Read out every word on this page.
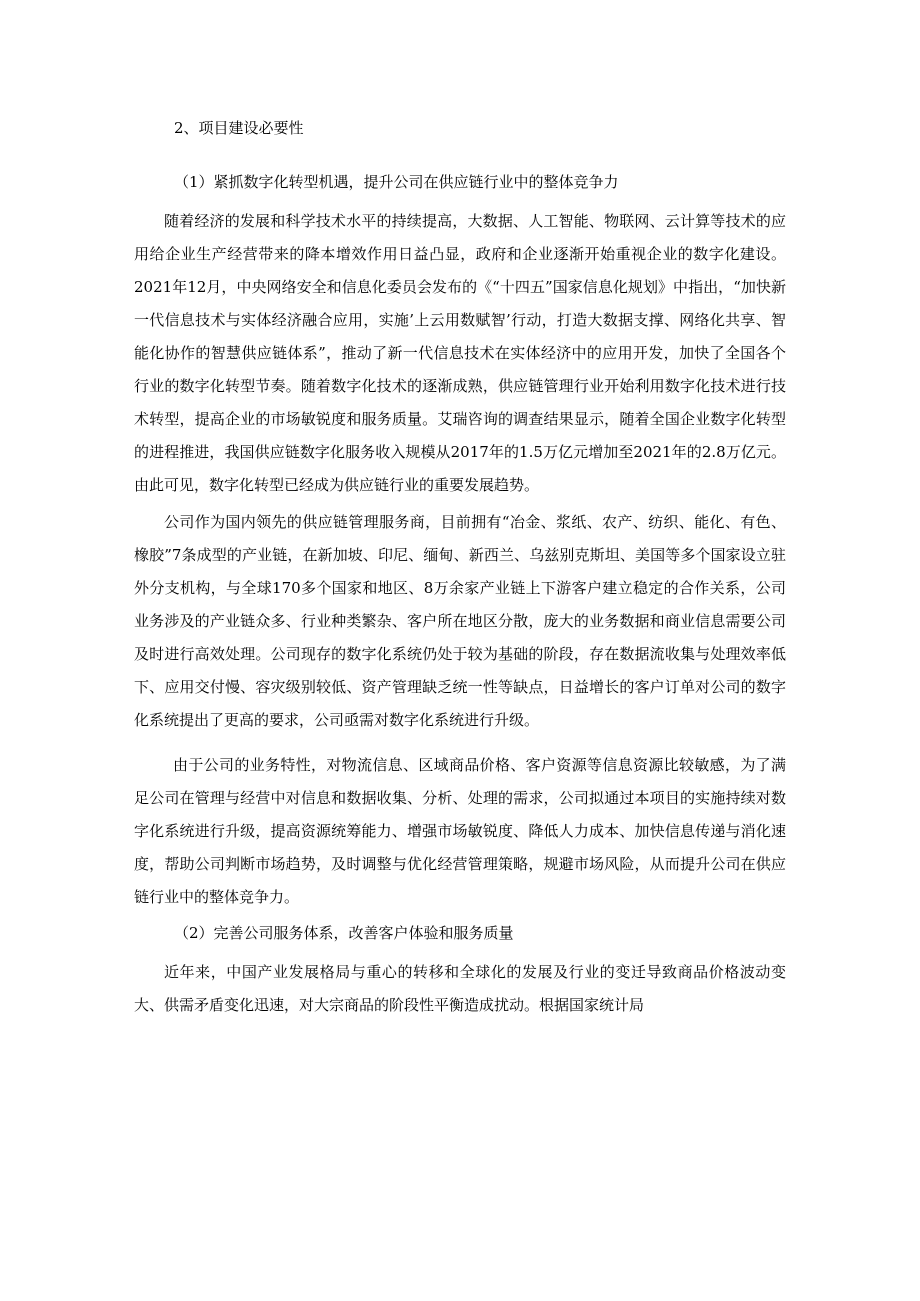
2、项目建设必要性

（1）紧抓数字化转型机遇，提升公司在供应链行业中的整体竞争力

随着经济的发展和科学技术水平的持续提高，大数据、人工智能、物联网、云计算等技术的应用给企业生产经营带来的降本增效作用日益凸显，政府和企业逐渐开始重视企业的数字化建设。2021年12月，中央网络安全和信息化委员会发布的《“十四五”国家信息化规划》中指出，“加快新一代信息技术与实体经济融合应用，实施’上云用数赋智’行动，打造大数据支撑、网络化共享、智能化协作的智慧供应链体系”，推动了新一代信息技术在实体经济中的应用开发，加快了全国各个行业的数字化转型节奏。随着数字化技术的逐渐成熟，供应链管理行业开始利用数字化技术进行技术转型，提高企业的市场敏锐度和服务质量。艾瑞咨询的调查结果显示，随着全国企业数字化转型的进程推进，我国供应链数字化服务收入规模从2017年的1.5万亿元增加至2021年的2.8万亿元。由此可见，数字化转型已经成为供应链行业的重要发展趋势。

公司作为国内领先的供应链管理服务商，目前拥有“冶金、浆纸、农产、纺织、能化、有色、橡胶”7条成型的产业链，在新加坡、印尼、缅甸、新西兰、乌兹别克斯坦、美国等多个国家设立驻外分支机构，与全球170多个国家和地区、8万余家产业链上下游客户建立稳定的合作关系，公司业务涉及的产业链众多、行业种类繁杂、客户所在地区分散，庞大的业务数据和商业信息需要公司及时进行高效处理。公司现存的数字化系统仍处于较为基础的阶段，存在数据流收集与处理效率低下、应用交付慢、容灾级别较低、资产管理缺乏统一性等缺点，日益增长的客户订单对公司的数字化系统提出了更高的要求，公司亟需对数字化系统进行升级。

由于公司的业务特性，对物流信息、区域商品价格、客户资源等信息资源比较敏感，为了满足公司在管理与经营中对信息和数据收集、分析、处理的需求，公司拟通过本项目的实施持续对数字化系统进行升级，提高资源统筹能力、增强市场敏锐度、降低人力成本、加快信息传递与消化速度，帮助公司判断市场趋势，及时调整与优化经营管理策略，规避市场风险，从而提升公司在供应链行业中的整体竞争力。

（2）完善公司服务体系，改善客户体验和服务质量

近年来，中国产业发展格局与重心的转移和全球化的发展及行业的变迁导致商品价格波动变大、供需矛盾变化迅速，对大宗商品的阶段性平衡造成扰动。根据国家统计局
